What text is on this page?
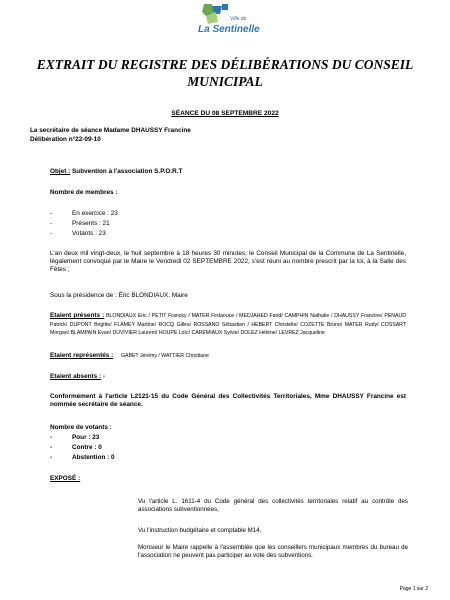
Ville de
La Sentinelle
EXTRAIT DU REGISTRE DES DÉLIBÉRATIONS DU CONSEIL MUNICIPAL
SÉANCE DU 08 SEPTEMBRE 2022
La secrétaire de séance Madame DHAUSSY Francine
Délibération n°22-09-10
Objet : Subvention à l'association S.P.O.R.T
Nombre de membres :
-	En exercice : 23
-	Présents : 21
-	Votants : 23
L'an deux mil vingt-deux, le huit septembre à 18 heures 30 minutes, le Conseil Municipal de la Commune de La Sentinelle, légalement convoqué par le Maire le Vendredi 02 SEPTEMBRE 2022, s'est réuni au nombre prescrit par la loi, à la Salle des Fêtes ;
Sous la présidence de : Éric BLONDIAUX, Maire
Etaient présents : BLONDIAUX Eric / PETIT Francky / MATER Firdaouce / MEDJAHED Farid/ CAMPHIN Nathalie / DHAUSSY Francine/ PENAUD Patrick/ DUPONT Brigitte/ FLAMEY Martine/ ROCQ Gilles/ ROSSANO Sébastien / HEBERT Christelle/ COZETTE Bruno/ MATER Rudy/ COSSART Morgan/ BLAMPAIN Evan/ DUVIVIER Laurent/ HOUPE Loïc/ CAREMIAUX Sylvie/ DOLEZ Hélène/ LEVREZ Jacqueline
Etaient représentés : GABET Jérémy / WATTIER Christiane
Etaient absents : -
Conformément à l'article L2121-15 du Code Général des Collectivités Territoriales, Mme DHAUSSY Francine est nommée secrétaire de séance.
Nombre de votants :
-	Pour : 23
-	Contre : 0
-	Abstention : 0
EXPOSÉ :
Vu l'article L. 1611-4 du Code général des collectivités territoriales relatif au contrôle des associations subventionnées,
Vu l'instruction budgétaire et comptable M14,
Monsieur le Maire rappelle à l'assemblée que les conseillers municipaux membres du bureau de l'association ne peuvent pas participer au vote des subventions.
Page 1 sur 2
